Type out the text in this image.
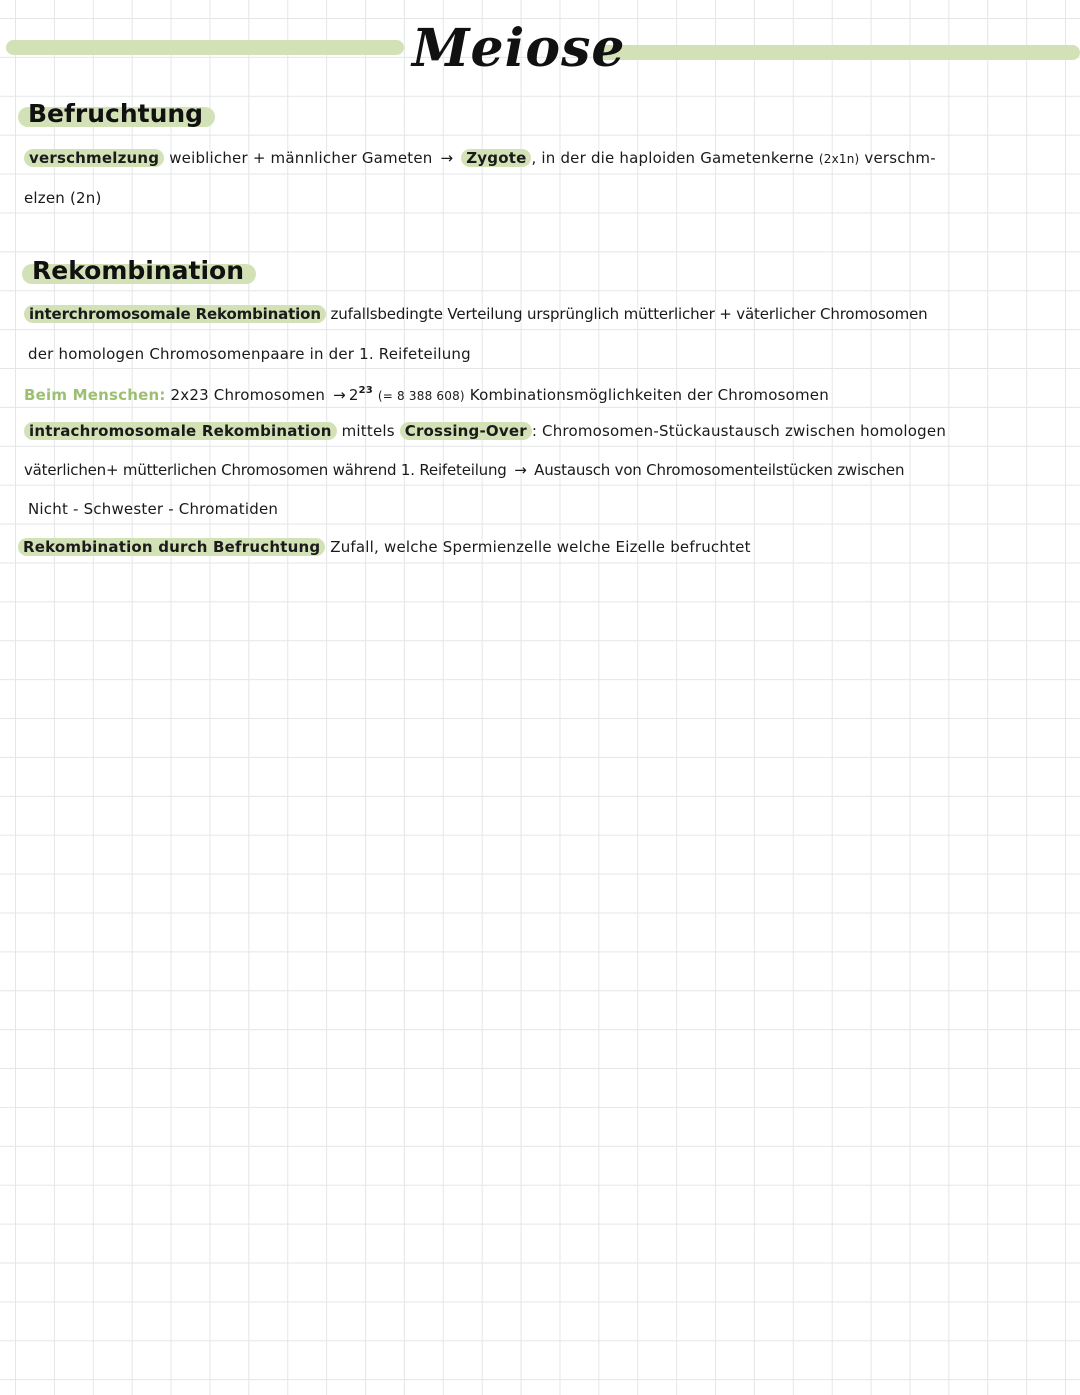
Meiose
Befruchtung
verschmelzung weiblicher + männlicher Gameten → Zygote , in der die haploiden Gametenkerne (2x1n) verschm-
elzen (2n)
Rekombination
interchromosomale Rekombination zufallsbedingte Verteilung ursprünglich mütterlicher + väterlicher Chromosomen
der homologen Chromosomenpaare in der 1. Reifeteilung
Beim Menschen: 2x23 Chromosomen → $2^{23}$ (= 8 388 608) Kombinationsmöglichkeiten der Chromosomen
intrachromosomale Rekombination mittels Crossing-Over : Chromosomen-Stückaustausch zwischen homologen
väterlichen+ mütterlichen Chromosomen während 1. Reifeteilung → Austausch von Chromosomenteilstücken zwischen
Nicht - Schwester - Chromatiden
Rekombination durch Befruchtung Zufall, welche Spermienzelle welche Eizelle befruchtet
